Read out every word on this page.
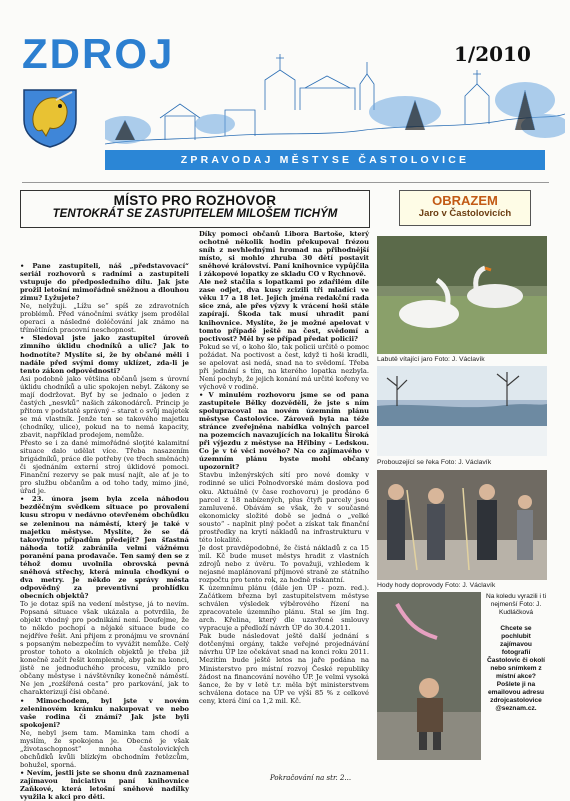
ZDROJ	1/2010
ZPRAVODAJ MĚSTYSE ČASTOLOVICE
MÍSTO PRO ROZHOVOR
TENTOKRÁT SE ZASTUPITELEM MILOŠEM TICHÝM

• Pane zastupiteli, náš „představovací“ seriál rozhovorů s radními a zastupiteli vstupuje do předposledního dílu. Jak jste prožil letošní mimořádně sněžnou a dlouhou zimu? Lyžujete?

Ne, nelyžuji. „Lížu se“ spíš ze zdravotních problémů. Před vánočními svátky jsem prodělal operaci a následné doléčování jak známo na třímětíních pracovní neschopnost.

• Sledoval jste jako zastupitel úroveň zimního úklidu chodníků a ulic? Jak to hodnotíte? Myslíte si, že by občané měli i nadále před svými domy uklízet, zda-li je tento zákon odpovědnosti?

Asi podobně jako většina občanů jsem s úrovní úklidu chodníků a ulic spokojen nebyl. Zákony se mají dodržovat. Byť by se jednalo o jeden z častých „nesvků“ našich zákonodárců. Princip je přitom v podstatě správný – starat o svůj majetek se má vlastník. Jenže ten se takového majetku (chodníky, ulice), pokud na to nemá kapacity, zbavit, například prodejem, nemůže.

Přesto se i za dané mimořádné sloţité kalamitní situace dalo udělat více. Třeba nasazením brigádníků, práce dle potřeby (ve třech směnách) či sjednáním externí stroj úklidové pomoci. Finanční rezervy se pak musí najít, ale ať je to pro službu občanům a od toho tady, mimo jiné, úřad je.

• 23. února jsem byla zcela náhodou bezděčným svědkem situace po provalení kusu stropu v nedávno otevřeném obchůdku se zeleninou na náměstí, který je také v majetku městyse. Myslíte, že se dá takovýmto případům předejít? Jen šťastná náhoda totiž zabránila velmi vážnému poranění pana prodavače. Ten samý den se z téhož domu uvolnila obrovská pevná sněhová střechy, která minula chodkyní o dva metry. Je někdo ze správy města odpovědný za preventivní prohlídku obecních objektů?

To je dotaz spíš na vedení městyse, já to nevím. Popsaná situace však ukázala a potvrdila, že objekt vhodný pro podnikání není. Doufejme, že to někdo pochopí a nějaké situace bude co nejdříve řešit. Ani přijem z pronájmu ve srovnání s popsaným nebezpečím to vyvážit nemůže. Celý prostor tohoto a okolních objektů je třeba již konečně začít řešit komplexně, aby pak na konci, jistě ne jednoduchého procesu, vzniklo pro občany městyse i návštěvníky konečně náměstí. Ne jen „rozšířená cesta“ pro parkování, jak to charakterizují čísi občané.

• Mimochodem, byl jste v novém zeleninovém krámku nakupovat ve nebo vaše rodina či známí? Jak jste byli spokojeni?

Ne, nebyl jsem tam. Maminka tam chodí a myslím, že spokojena je. Obecně je však „životaschopnost“ mnoha častolovických obchůdků kvůli blízkým obchodním řetězcům, bohužel, sporná.

• Nevím, jestli jste se shonu dnů zaznamenal zajímavou iniciativu paní knihovnice Zaňkové, která letošní sněhové nadílky využila k akci pro děti.

Díky pomoci občanů Libora Bartoše, který ochotně několik hodin překupoval frézou sníh z nevhlednými hromad na přihodnější místo, si mohlo zhruba 30 dětí postavit sněhové království. Paní knihovnice vypůjčila i zákopové lopatky ze skladu CO v Rychnově.

Ale než stačila s lopatkami po zdařilém díle zase odjet, dva kusy zcizili tři mladíci ve věku 17 a 18 let. Jejich jména redakční rada sice zná, ale přes výzvy k vrácení hoši stále zapírají. Škoda tak musí uhradit paní knihovnice. Myslíte, že je možné apelovat v tomto případě ještě na čest, svědomí a poctivost? Měl by se případ předat policii?

Pokud se ví, o koho šlo, tak policii určitě o pomoc požádat. Na poctivost a čest, když ti hoši kradli, se apelovat asi nedá, snad na to svědomí. Třeba při jednání s tím, na kterého lopatka nezbyla. Není pochyb, že jejich konání má určité kořeny ve výchově v rodině.

• V minulém rozhovoru jsme se od pana zastupitele Bělky dozvěděli, že jste s ním spolupracoval na novém územním plánu městyse Častolovice. Zároveň byla na téže stránce zveřejněna nabídka volných parcel na pozemcích navazujících na lokalitu Široká při výjezdu z městyse na Hřibiny – Ledskou. Co je v té věci nového? Na co zajímavého v územním plánu byste mohl občany upozornit?

Stavbu inženýrských sítí pro nové domky v rodinné se ulici Polnodvorské mám doslova pod oku. Aktuálně (v čase rozhovoru) je prodáno 6 parcel z 18 nabízených, plus čtyři parcely jsou zamluvené. Obávám se však, že v současné ekonomicky složité době se jedná o „velké sousto“ - naplnit plný počet a získat tak finanční prostředky na krytí nákladů na infrastrukturu v této lokalitě.

Je dost pravděpodobné, že čistá nákladů z ca 15 mil. Kč bude muset městys hradit z vlastních zdrojů nebo z úvěru. To považuji, vzhledem k nejasné maplánovaní příjmové straně ze státního rozpočtu pro tento rok, za hodně riskantní.

K územnímu plánu (dále jen ÚP - pozn. red.). Začátkem března byl zastupitelstvem městyse schválen výsledek výběrového řízení na zpracovatele územního plánu. Stal se jím Ing. arch. Křelina, který dle uzavřené smlouvy vypracuje a předloží návrh ÚP do 30.4.2011.

Pak bude následovat ještě další jednání s dotčenými orgány, takže veřejné projednávání návrhu ÚP lze očekávat snad na konci roku 2011. Mezitím bude ještě letos na jaře podána na Ministerstvo pro místní rozvoj České republiky žádost na financování nového ÚP. Je velmi vysoká šance, že by v letě t.r. měla být ministerstvem schválena dotace na ÚP ve výši 85 % z celkové ceny, která činí ca 1,2 mil. Kč.

Pokračování na str. 2...
OBRAZEM
Jaro v Častolovicích
Labutě vítající jaro Foto: J. Václavík
Probouzející se řeka Foto: J. Václavík
Hody hody doprovody Foto: J. Václavík
Na koledu vyrazili i ti nejmenší Foto: J. Kudláčková
Chcete se pochlubit zajímavou fotografií Častolovic či okolí nebo snímkem z místní akce? Pošlete ji na emailovou adresu zdrojcastolovice @seznam.cz.
